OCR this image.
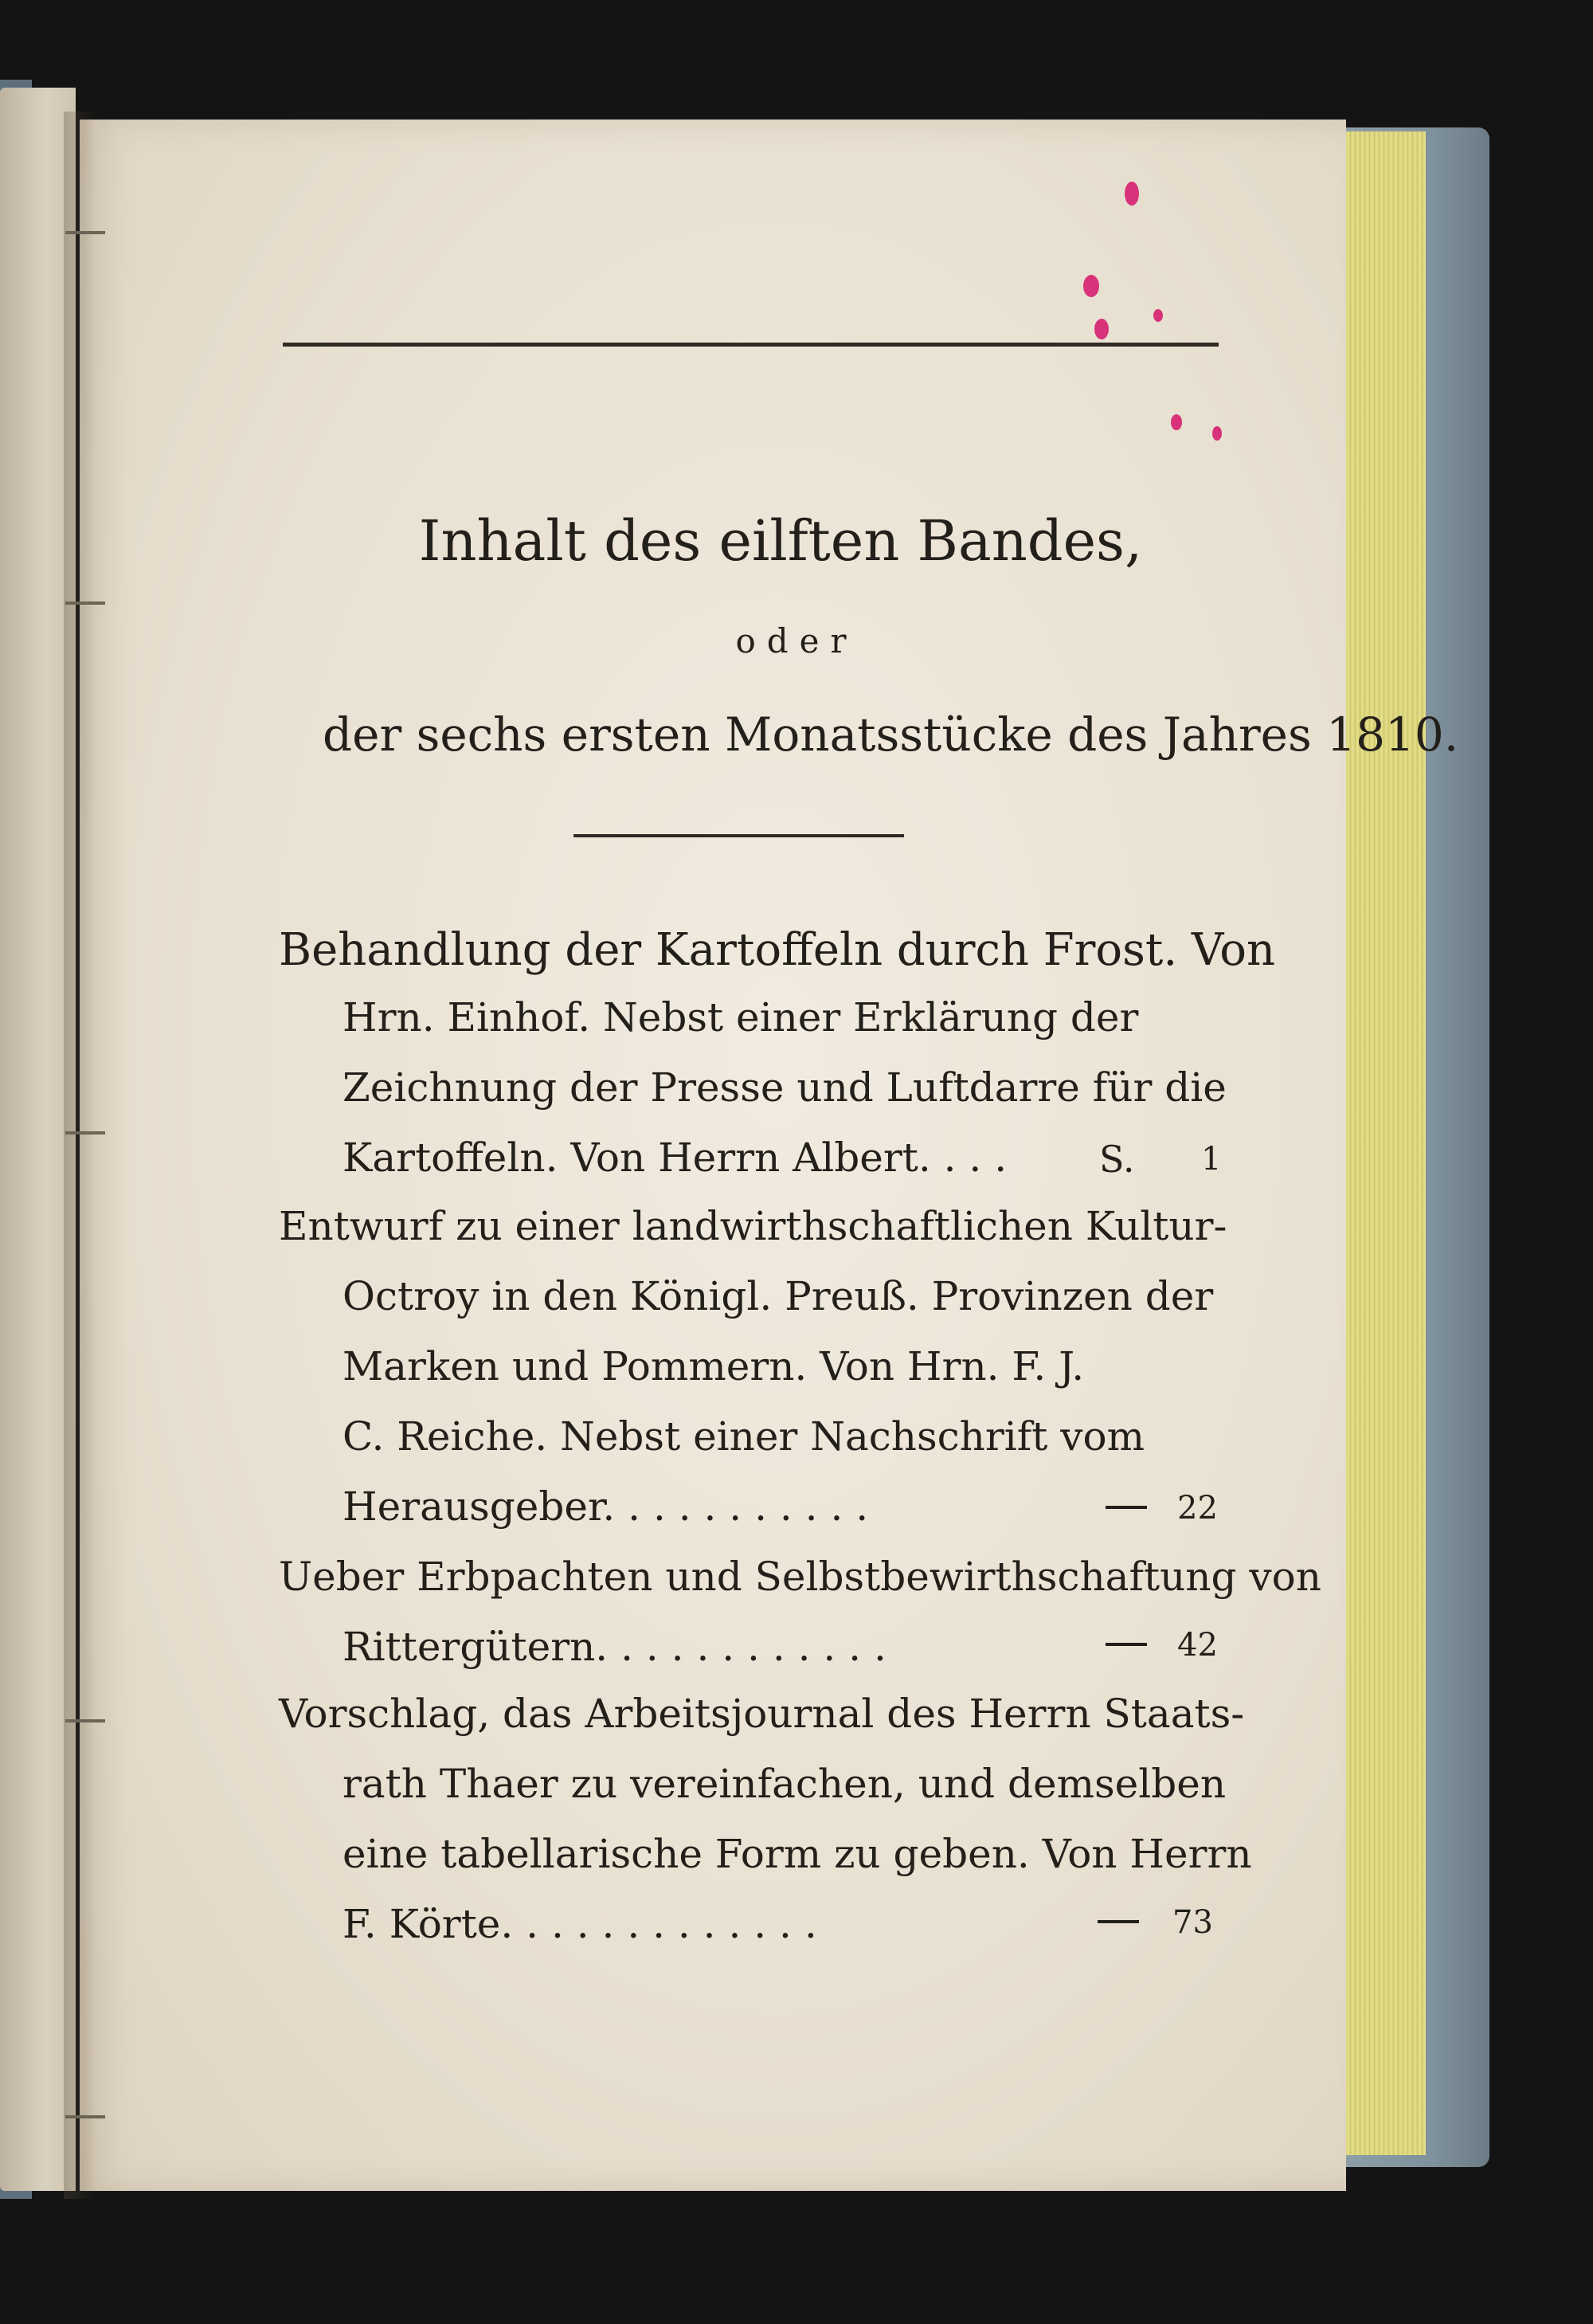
Inhalt des eilften Bandes,
oder
der sechs ersten Monatsstücke des Jahres 1810.
Behandlung der Kartoffeln durch Frost. Von
Hrn. Einhof. Nebst einer Erklärung der
Zeichnung der Presse und Luftdarre für die
Kartoffeln. Von Herrn Albert. . . .	S. 1
Entwurf zu einer landwirthschaftlichen Kultur-
Octroy in den Königl. Preuß. Provinzen der
Marken und Pommern. Von Hrn. F. J.
C. Reiche. Nebst einer Nachschrift vom
Herausgeber. . . . . . . . . . .	22
Ueber Erbpachten und Selbstbewirthschaftung von
Rittergütern. . . . . . . . . . . .	42
Vorschlag, das Arbeitsjournal des Herrn Staats-
rath Thaer zu vereinfachen, und demselben
eine tabellarische Form zu geben. Von Herrn
F. Körte. . . . . . . . . . . . .	73
